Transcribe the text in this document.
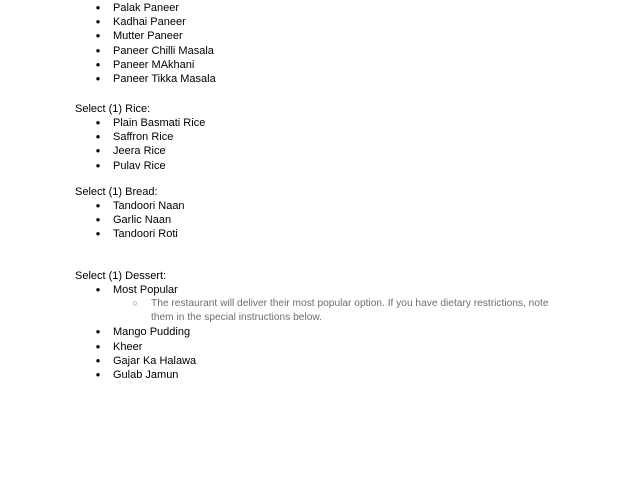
● Palak Paneer
● Kadhai Paneer
● Mutter Paneer
● Paneer Chilli Masala
● Paneer MAkhani
● Paneer Tikka Masala
Select (1) Rice:
● Plain Basmati Rice
● Saffron Rice
● Jeera Rice
● Pulav Rice
Select (1) Bread:
● Tandoori Naan
● Garlic Naan
● Tandoori Roti
Select (1) Dessert:
● Most Popular
○ The restaurant will deliver their most popular option. If you have dietary restrictions, note them in the special instructions below.
● Mango Pudding
● Kheer
● Gajar Ka Halawa
● Gulab Jamun
